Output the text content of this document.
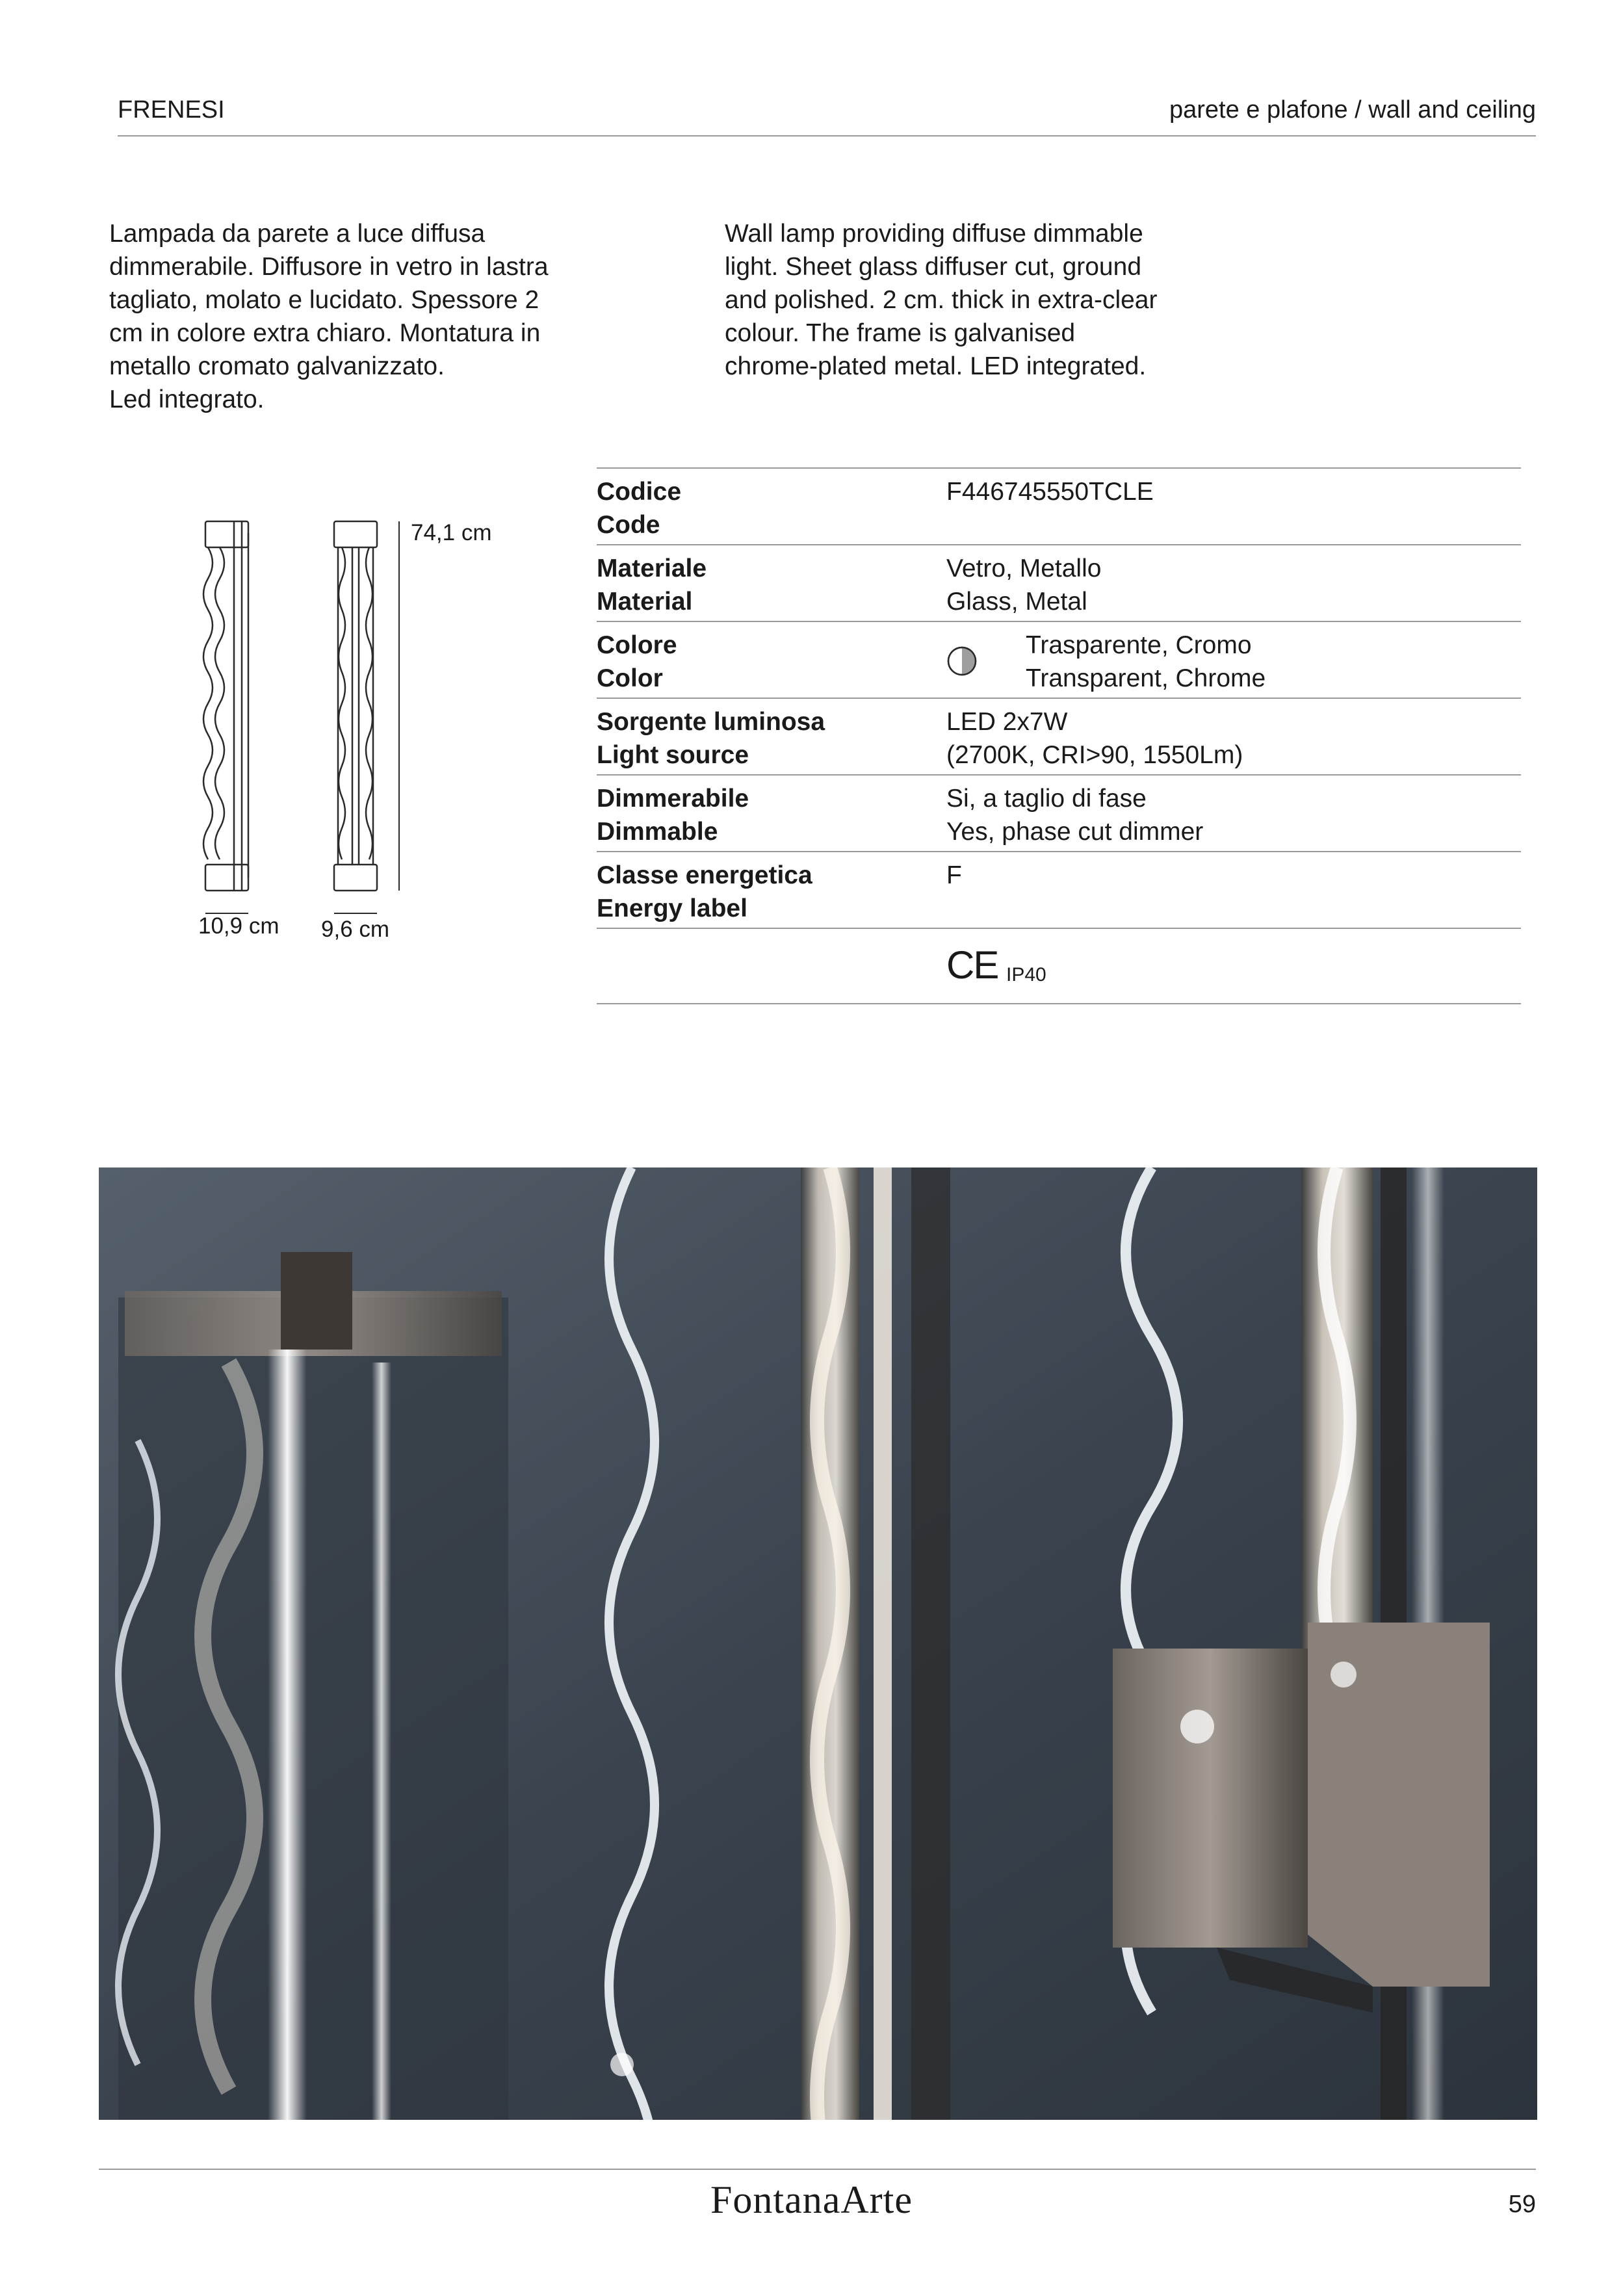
FRENESI	parete e plafone / wall and ceiling

Lampada da parete a luce diffusa

dimmerabile. Diffusore in vetro in lastra

tagliato, molato e lucidato. Spessore 2

cm in colore extra chiaro. Montatura in

metallo cromato galvanizzato.

Led integrato.

Wall lamp providing diffuse dimmable

light. Sheet glass diffuser cut, ground

and polished. 2 cm. thick in extra-clear

colour. The frame is galvanised

chrome-plated metal. LED integrated.

74,1 cm
10,9 cm 9,6 cm
Codice
Code
F446745550TCLE
Materiale
Material
Vetro, Metallo
Glass, Metal
Colore
Color
Trasparente, Cromo
Transparent, Chrome
Sorgente luminosa
Light source
LED 2x7W
(2700K, CRI>90, 1550Lm)
Dimmerabile
Dimmable
Si, a taglio di fase
Yes, phase cut dimmer
Classe energetica
Energy label
F
CE IP40
FontanaArte	59
